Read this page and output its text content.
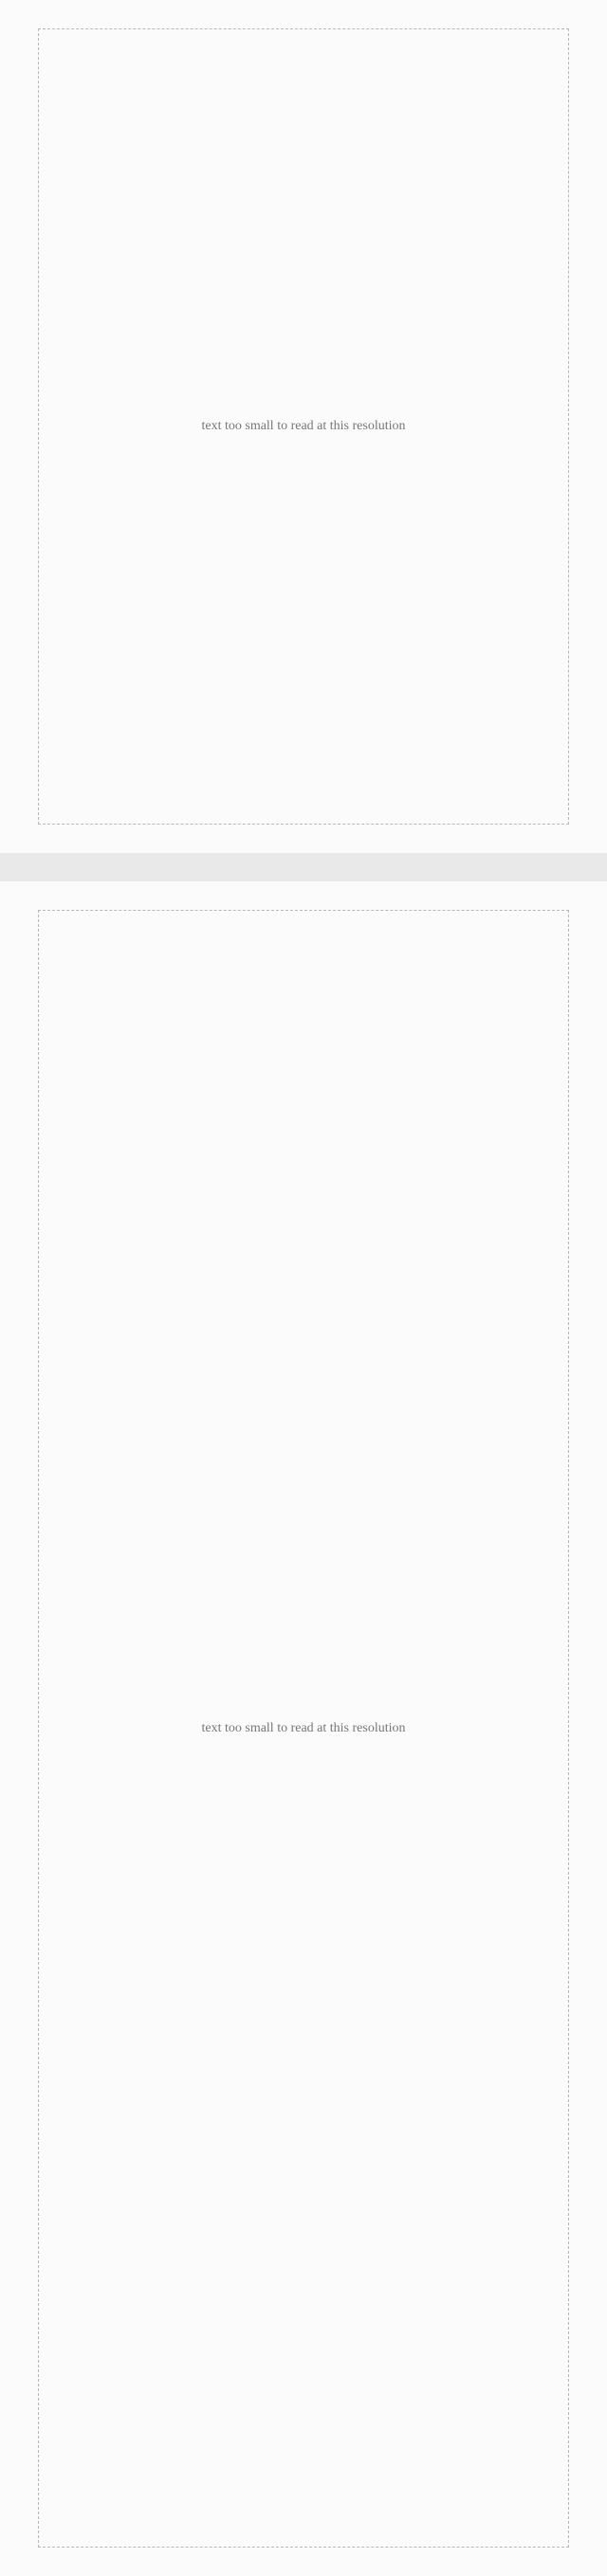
text too small to read at this resolution
text too small to read at this resolution
